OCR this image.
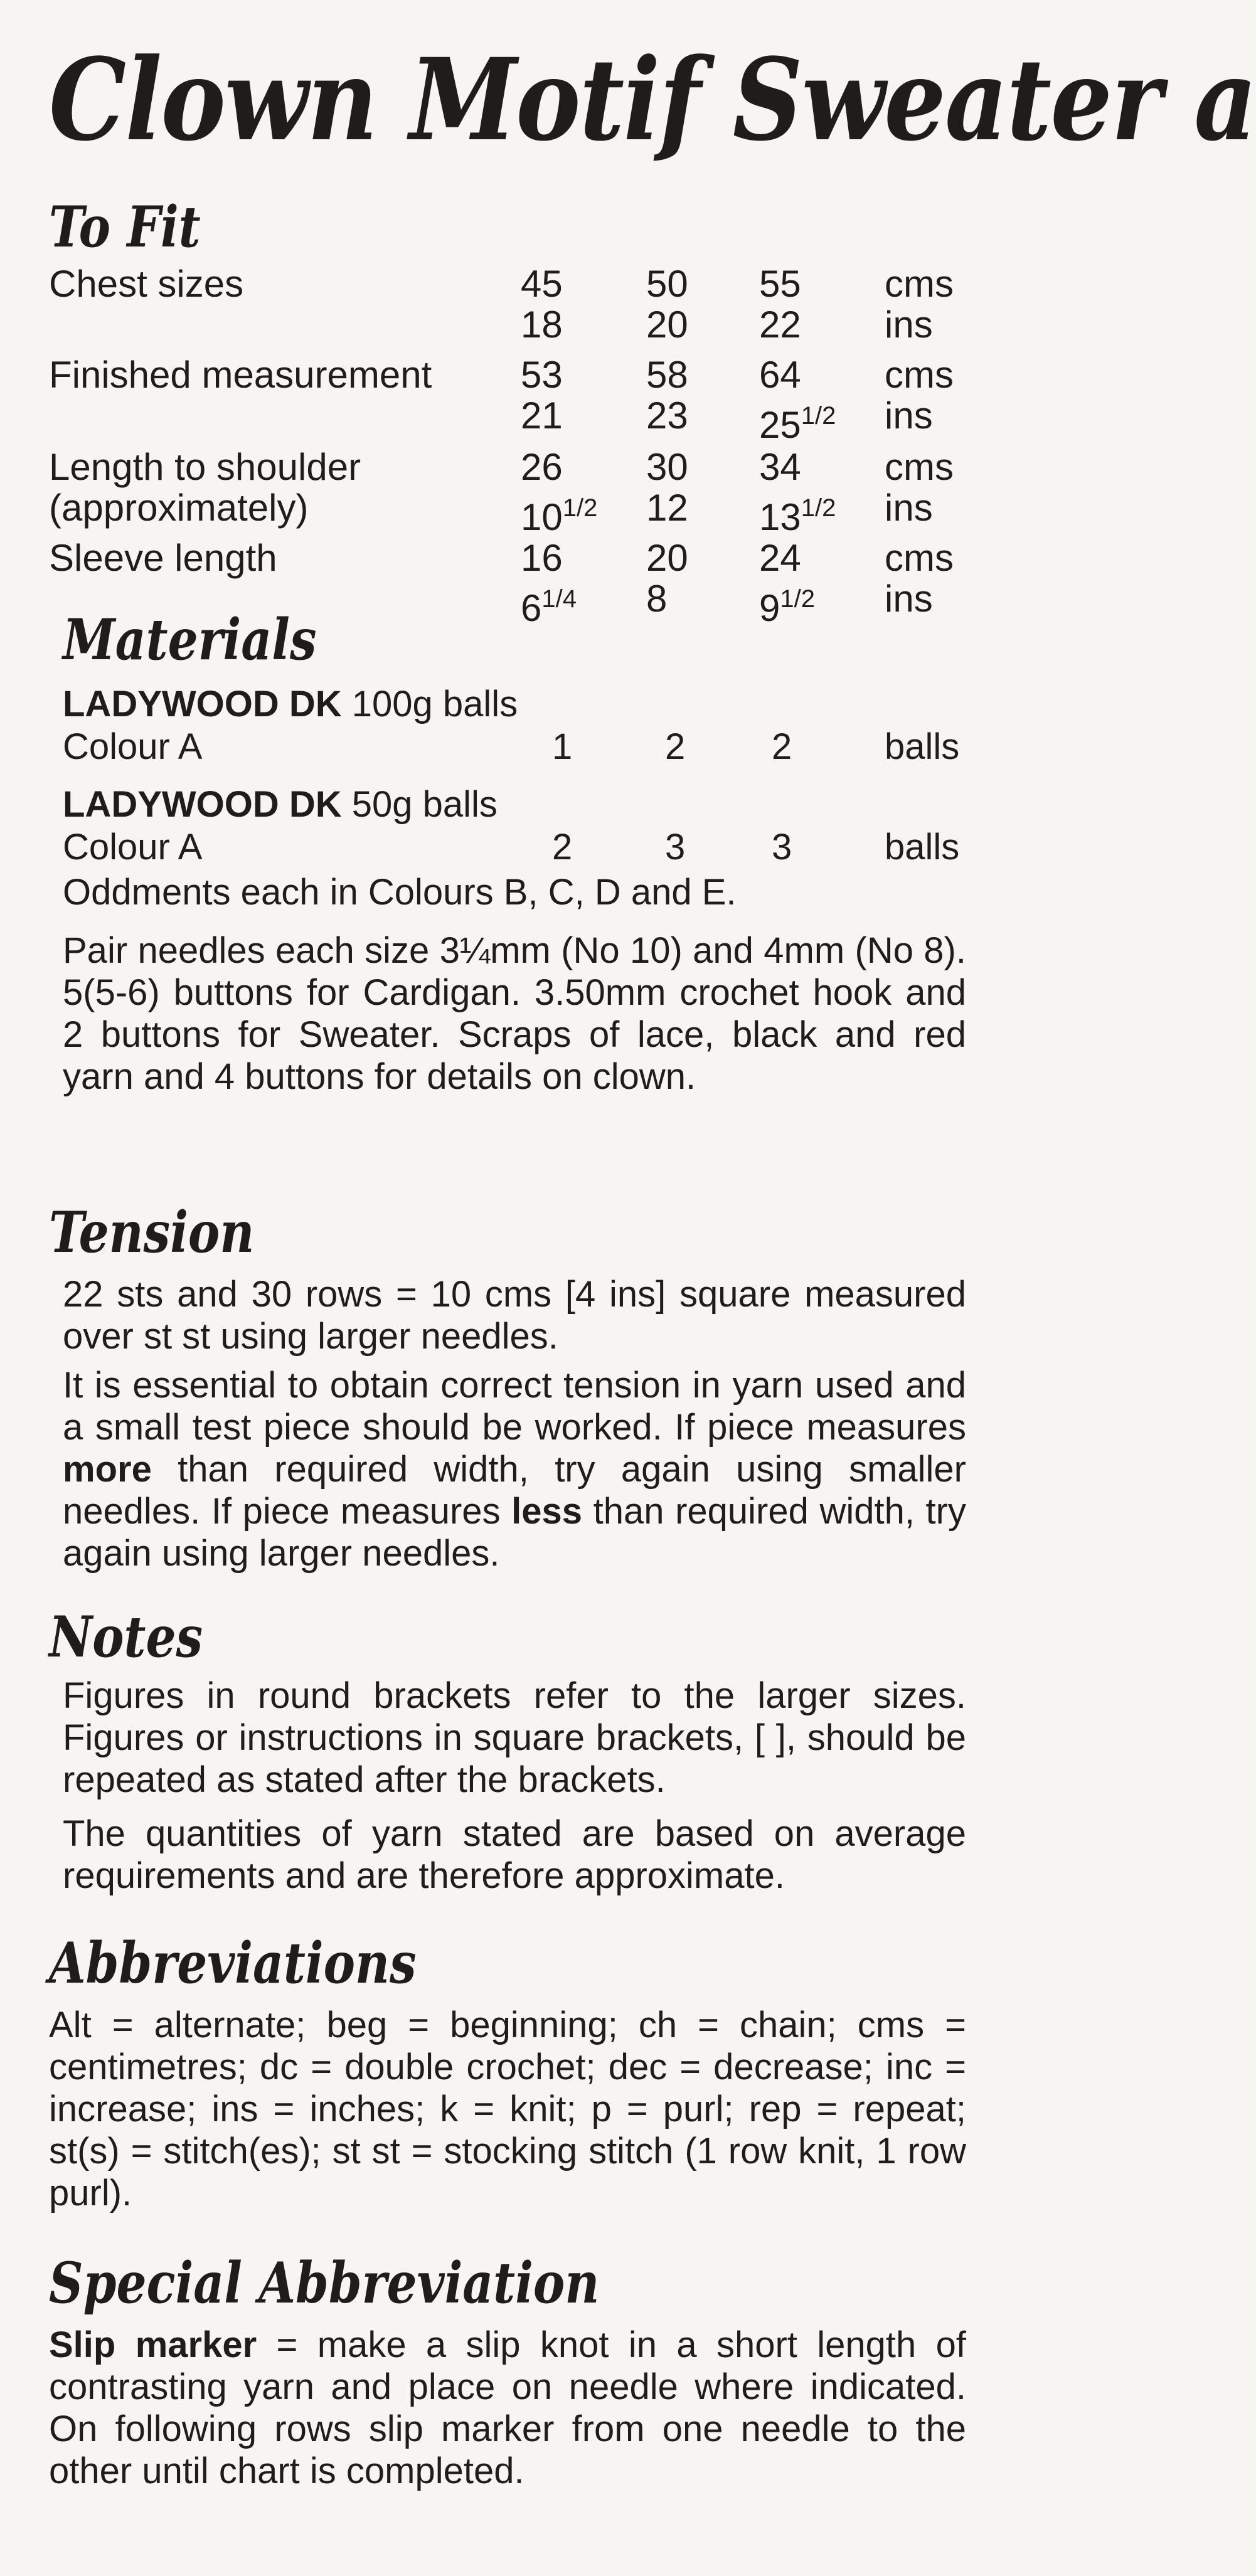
Clown Motif Sweater a
To Fit
Chest sizes	45 50 55 cms
18 20 22 ins
Finished measurement 53 58 64 cms
21 23 $25^{1/2}$ ins
Length to shoulder	26 30 34 cms
(approximately)	$10^{1/2}$ 12 $13^{1/2}$ ins
Sleeve length	16 20 24 cms
$6^{1/4}$ 8 $9^{1/2}$ ins
Materials
LADYWOOD DK 100g balls
Colour A	1	2 2	balls
LADYWOOD DK 50g balls
Colour A	2	3 3	balls
Oddments each in Colours B, C, D and E.
Pair needles each size 3¼mm (No 10) and 4mm (No 8). 5(5-6) buttons for Cardigan. 3.50mm crochet hook and 2 buttons for Sweater. Scraps of lace, black and red yarn and 4 buttons for details on clown.
Tension
22 sts and 30 rows = 10 cms [4 ins] square measured over st st using larger needles.
It is essential to obtain correct tension in yarn used and a small test piece should be worked. If piece measures more than required width, try again using smaller needles. If piece measures less than required width, try again using larger needles.
Notes
Figures in round brackets refer to the larger sizes. Figures or instructions in square brackets, [ ], should be repeated as stated after the brackets.
The quantities of yarn stated are based on average requirements and are therefore approximate.
Abbreviations
Alt = alternate; beg = beginning; ch = chain; cms = centimetres; dc = double crochet; dec = decrease; inc = increase; ins = inches; k = knit; p = purl; rep = repeat; st(s) = stitch(es); st st = stocking stitch (1 row knit, 1 row purl).
Special Abbreviation
Slip marker = make a slip knot in a short length of contrasting yarn and place on needle where indicated. On following rows slip marker from one needle to the other until chart is completed.
